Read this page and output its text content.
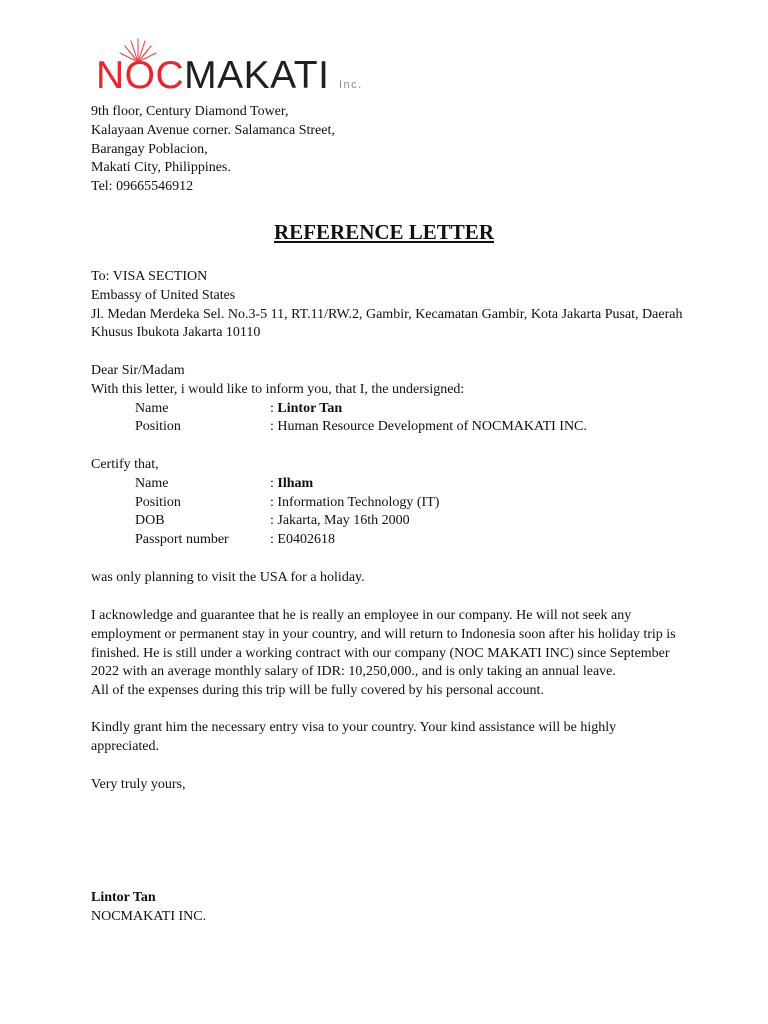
NOCMAKATI Inc.
9th floor, Century Diamond Tower,
Kalayaan Avenue corner. Salamanca Street,
Barangay Poblacion,
Makati City, Philippines.
Tel: 09665546912
REFERENCE LETTER
To: VISA SECTION
Embassy of United States
Jl. Medan Merdeka Sel. No.3-5 11, RT.11/RW.2, Gambir, Kecamatan Gambir, Kota Jakarta Pusat, Daerah
Khusus Ibukota Jakarta 10110
Dear Sir/Madam
With this letter, i would like to inform you, that I, the undersigned:
Name	: Lintor Tan
Position	: Human Resource Development of NOCMAKATI INC.
Certify that,
Name	: Ilham
Position	: Information Technology (IT)
DOB	: Jakarta, May 16th 2000
Passport number	: E0402618
was only planning to visit the USA for a holiday.
I acknowledge and guarantee that he is really an employee in our company. He will not seek any
employment or permanent stay in your country, and will return to Indonesia soon after his holiday trip is
finished. He is still under a working contract with our company (NOC MAKATI INC) since September
2022 with an average monthly salary of IDR: 10,250,000., and is only taking an annual leave.
All of the expenses during this trip will be fully covered by his personal account.
Kindly grant him the necessary entry visa to your country. Your kind assistance will be highly
appreciated.
Very truly yours,
Lintor Tan
NOCMAKATI INC.
